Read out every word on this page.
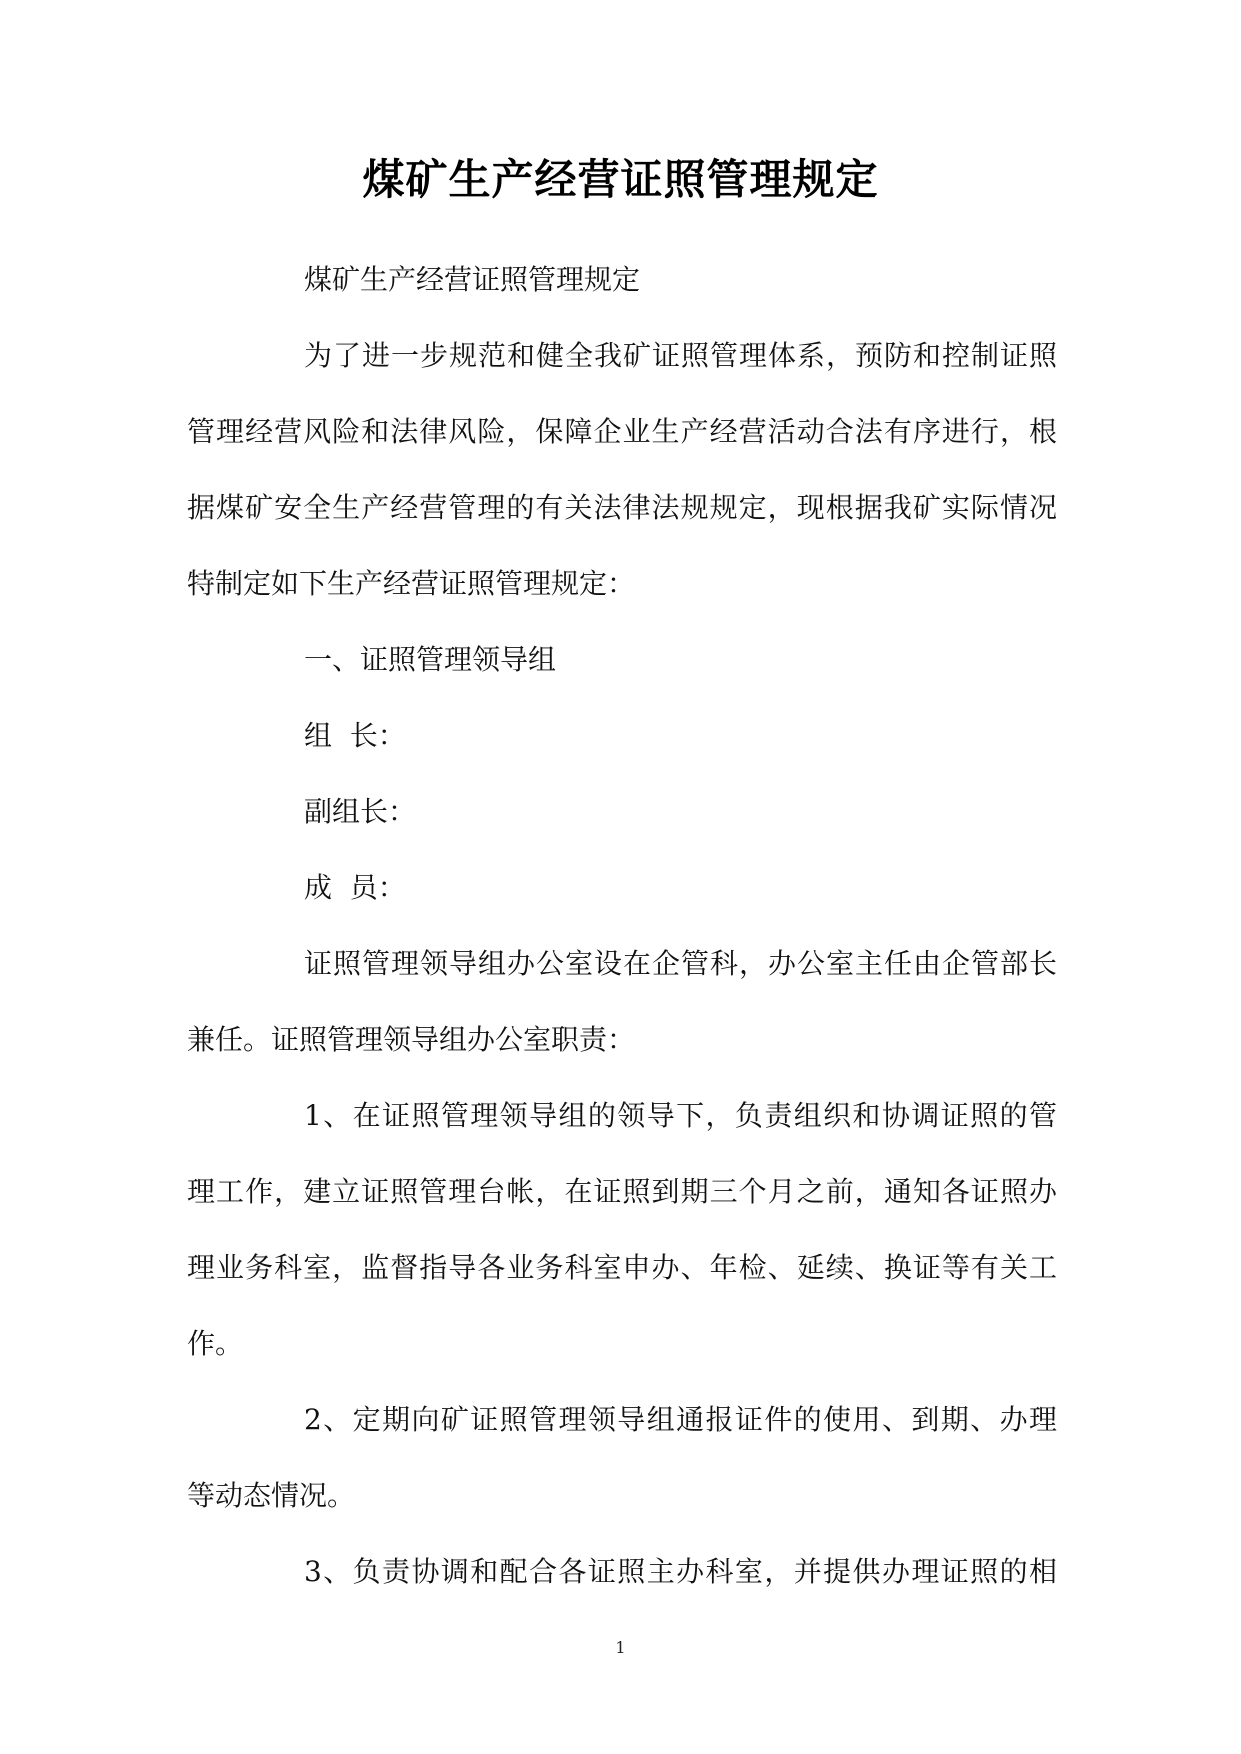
煤矿生产经营证照管理规定
煤矿生产经营证照管理规定
为了进一步规范和健全我矿证照管理体系，预防和控制证照
管理经营风险和法律风险，保障企业生产经营活动合法有序进行，根
据煤矿安全生产经营管理的有关法律法规规定，现根据我矿实际情况
特制定如下生产经营证照管理规定：
一、证照管理领导组
组  长：
副组长：
成  员：
证照管理领导组办公室设在企管科，办公室主任由企管部长
兼任。证照管理领导组办公室职责：
1、在证照管理领导组的领导下，负责组织和协调证照的管
理工作，建立证照管理台帐，在证照到期三个月之前，通知各证照办
理业务科室，监督指导各业务科室申办、年检、延续、换证等有关工
作。
2、定期向矿证照管理领导组通报证件的使用、到期、办理
等动态情况。
3、负责协调和配合各证照主办科室，并提供办理证照的相
1
